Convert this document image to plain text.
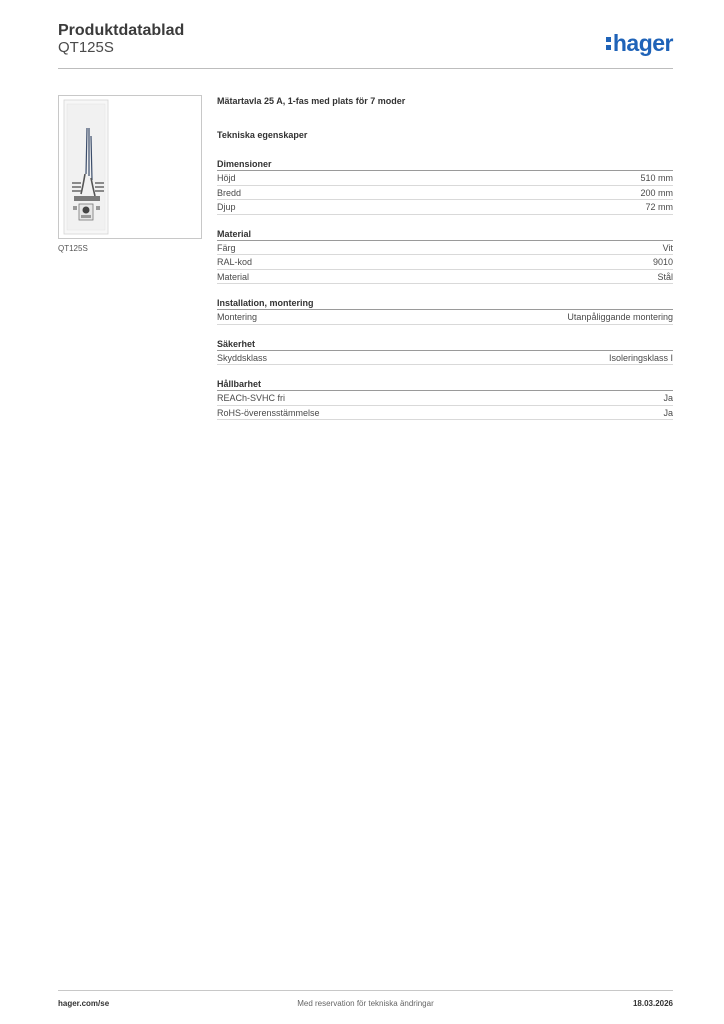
Produktdatablad
QT125S	hager
QT125S
Mätartavla 25 A, 1-fas med plats för 7 moder
Tekniska egenskaper
Dimensioner
Höjd	510 mm
Bredd	200 mm
Djup	72 mm
Material
Färg	Vit
RAL-kod	9010
Material	Stål
Installation, montering
Montering	Utanpåliggande montering
Säkerhet
Skyddsklass	Isoleringsklass I
Hållbarhet
REACh-SVHC fri	Ja
RoHS-överensstämmelse	Ja
hager.com/se	Med reservation för tekniska ändringar	18.03.2026
